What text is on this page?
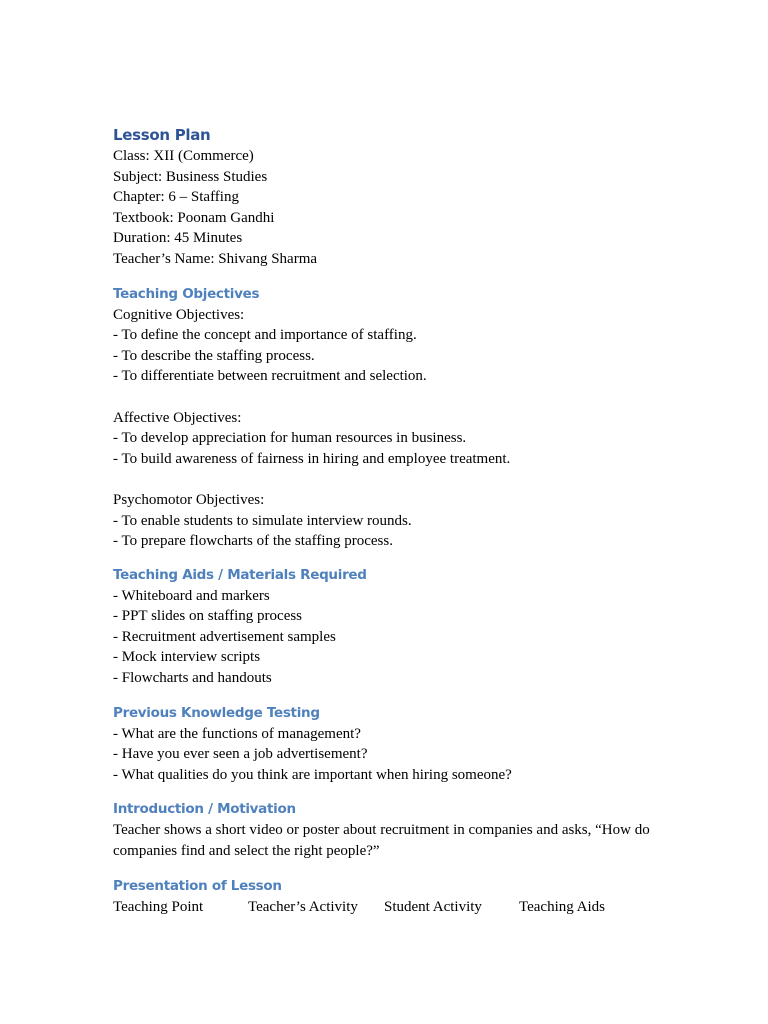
Lesson Plan
Class: XII (Commerce)
Subject: Business Studies
Chapter: 6 – Staffing
Textbook: Poonam Gandhi
Duration: 45 Minutes
Teacher’s Name: Shivang Sharma
Teaching Objectives
Cognitive Objectives:
- To define the concept and importance of staffing.
- To describe the staffing process.
- To differentiate between recruitment and selection.
Affective Objectives:
- To develop appreciation for human resources in business.
- To build awareness of fairness in hiring and employee treatment.
Psychomotor Objectives:
- To enable students to simulate interview rounds.
- To prepare flowcharts of the staffing process.
Teaching Aids / Materials Required
- Whiteboard and markers
- PPT slides on staffing process
- Recruitment advertisement samples
- Mock interview scripts
- Flowcharts and handouts
Previous Knowledge Testing
- What are the functions of management?
- Have you ever seen a job advertisement?
- What qualities do you think are important when hiring someone?
Introduction / Motivation
Teacher shows a short video or poster about recruitment in companies and asks, “How do companies find and select the right people?”
Presentation of Lesson
Teaching Point	Teacher’s Activity Student Activity Teaching Aids
